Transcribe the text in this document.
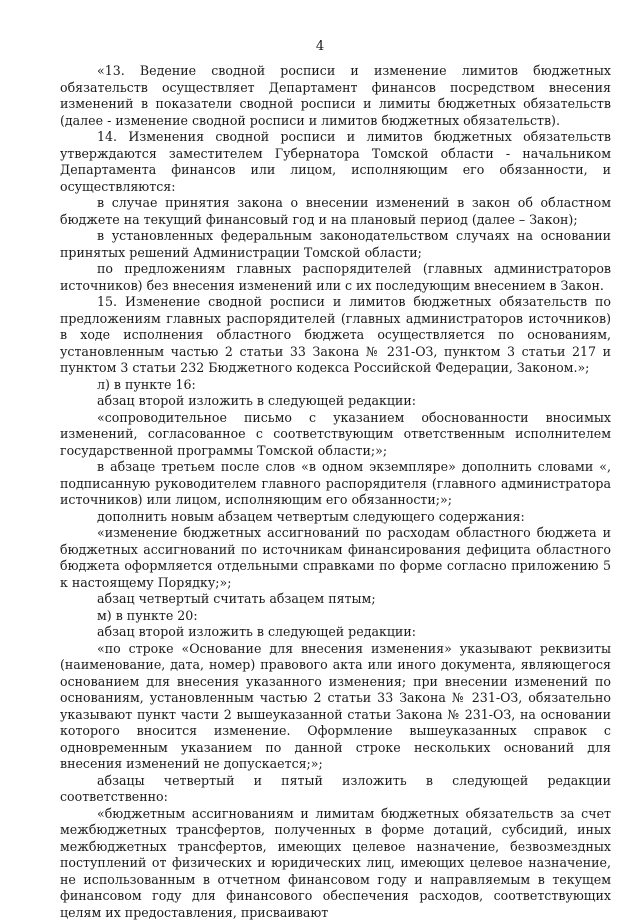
4

«13. Ведение сводной росписи и изменение лимитов бюджетных обязательств осуществляет Департамент финансов посредством внесения изменений в показатели сводной росписи и лимиты бюджетных обязательств (далее - изменение сводной росписи и лимитов бюджетных обязательств).

14. Изменения сводной росписи и лимитов бюджетных обязательств утверждаются заместителем Губернатора Томской области - начальником Департамента финансов или лицом, исполняющим его обязанности, и осуществляются:

в случае принятия закона о внесении изменений в закон об областном бюджете на текущий финансовый год и на плановый период (далее – Закон);

в установленных федеральным законодательством случаях на основании принятых решений Администрации Томской области;

по предложениям главных распорядителей (главных администраторов источников) без внесения изменений или с их последующим внесением в Закон.

15. Изменение сводной росписи и лимитов бюджетных обязательств по предложениям главных распорядителей (главных администраторов источников) в ходе исполнения областного бюджета осуществляется по основаниям, установленным частью 2 статьи 33 Закона № 231-ОЗ, пунктом 3 статьи 217 и пунктом 3 статьи 232 Бюджетного кодекса Российской Федерации, Законом.»;

л) в пункте 16:

абзац второй изложить в следующей редакции:

«сопроводительное письмо с указанием обоснованности вносимых изменений, согласованное с соответствующим ответственным исполнителем государственной программы Томской области;»;

в абзаце третьем после слов «в одном экземпляре» дополнить словами «, подписанную руководителем главного распорядителя (главного администратора источников) или лицом, исполняющим его обязанности;»;

дополнить новым абзацем четвертым следующего содержания:

«изменение бюджетных ассигнований по расходам областного бюджета и бюджетных ассигнований по источникам финансирования дефицита областного бюджета оформляется отдельными справками по форме согласно приложению 5 к настоящему Порядку;»;

абзац четвертый считать абзацем пятым;

м) в пункте 20:

абзац второй изложить в следующей редакции:

«по строке «Основание для внесения изменения» указывают реквизиты (наименование, дата, номер) правового акта или иного документа, являющегося основанием для внесения указанного изменения; при внесении изменений по основаниям, установленным частью 2 статьи 33 Закона № 231-ОЗ, обязательно указывают пункт части 2 вышеуказанной статьи Закона № 231-ОЗ, на основании которого вносится изменение. Оформление вышеуказанных справок с одновременным указанием по данной строке нескольких оснований для внесения изменений не допускается;»;

абзацы четвертый и пятый изложить в следующей редакции соответственно:

«бюджетным ассигнованиям и лимитам бюджетных обязательств за счет межбюджетных трансфертов, полученных в форме дотаций, субсидий, иных межбюджетных трансфертов, имеющих целевое назначение, безвозмездных поступлений от физических и юридических лиц, имеющих целевое назначение, не использованным в отчетном финансовом году и направляемым в текущем финансовом году для финансового обеспечения расходов, соответствующих целям их предоставления, присваивают
